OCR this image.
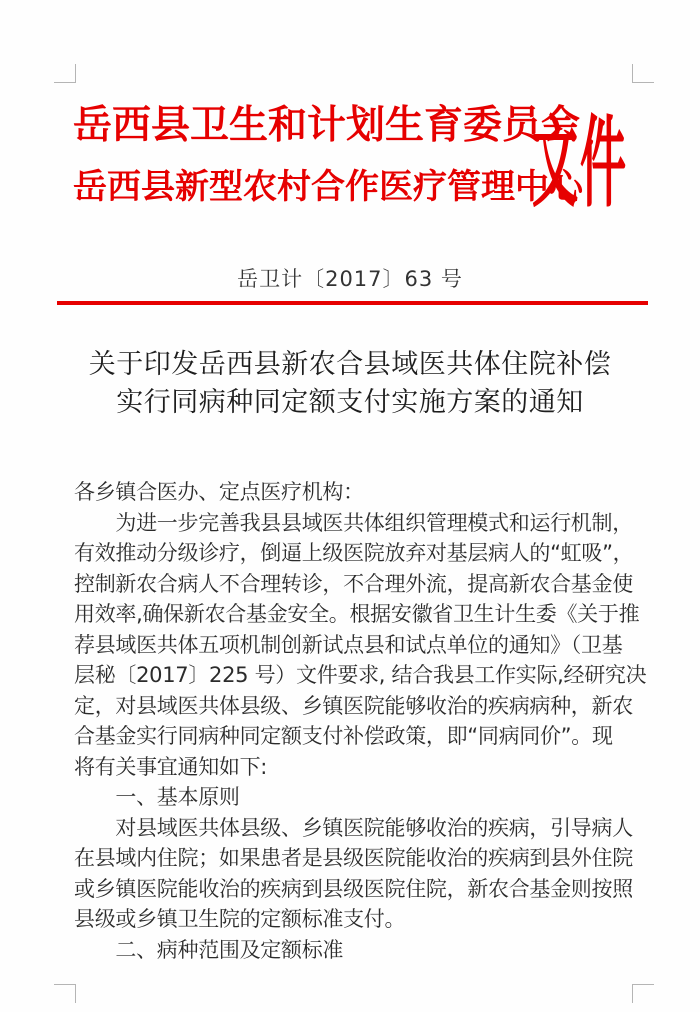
岳西县卫生和计划生育委员会
岳西县新型农村合作医疗管理中心
文件
岳卫计〔2017〕63 号
关于印发岳西县新农合县域医共体住院补偿
实行同病种同定额支付实施方案的通知
各乡镇合医办、定点医疗机构：
　　为进一步完善我县县域医共体组织管理模式和运行机制，
有效推动分级诊疗，倒逼上级医院放弃对基层病人的“虹吸”，
控制新农合病人不合理转诊，不合理外流，提高新农合基金使
用效率,确保新农合基金安全。根据安徽省卫生计生委《关于推
荐县域医共体五项机制创新试点县和试点单位的通知》（卫基
层秘〔2017〕225 号）文件要求, 结合我县工作实际,经研究决
定，对县域医共体县级、乡镇医院能够收治的疾病病种，新农
合基金实行同病种同定额支付补偿政策，即“同病同价”。现
将有关事宜通知如下:
　　一、基本原则
　　对县域医共体县级、乡镇医院能够收治的疾病，引导病人
在县域内住院；如果患者是县级医院能收治的疾病到县外住院
或乡镇医院能收治的疾病到县级医院住院，新农合基金则按照
县级或乡镇卫生院的定额标准支付。
　　二、病种范围及定额标准
